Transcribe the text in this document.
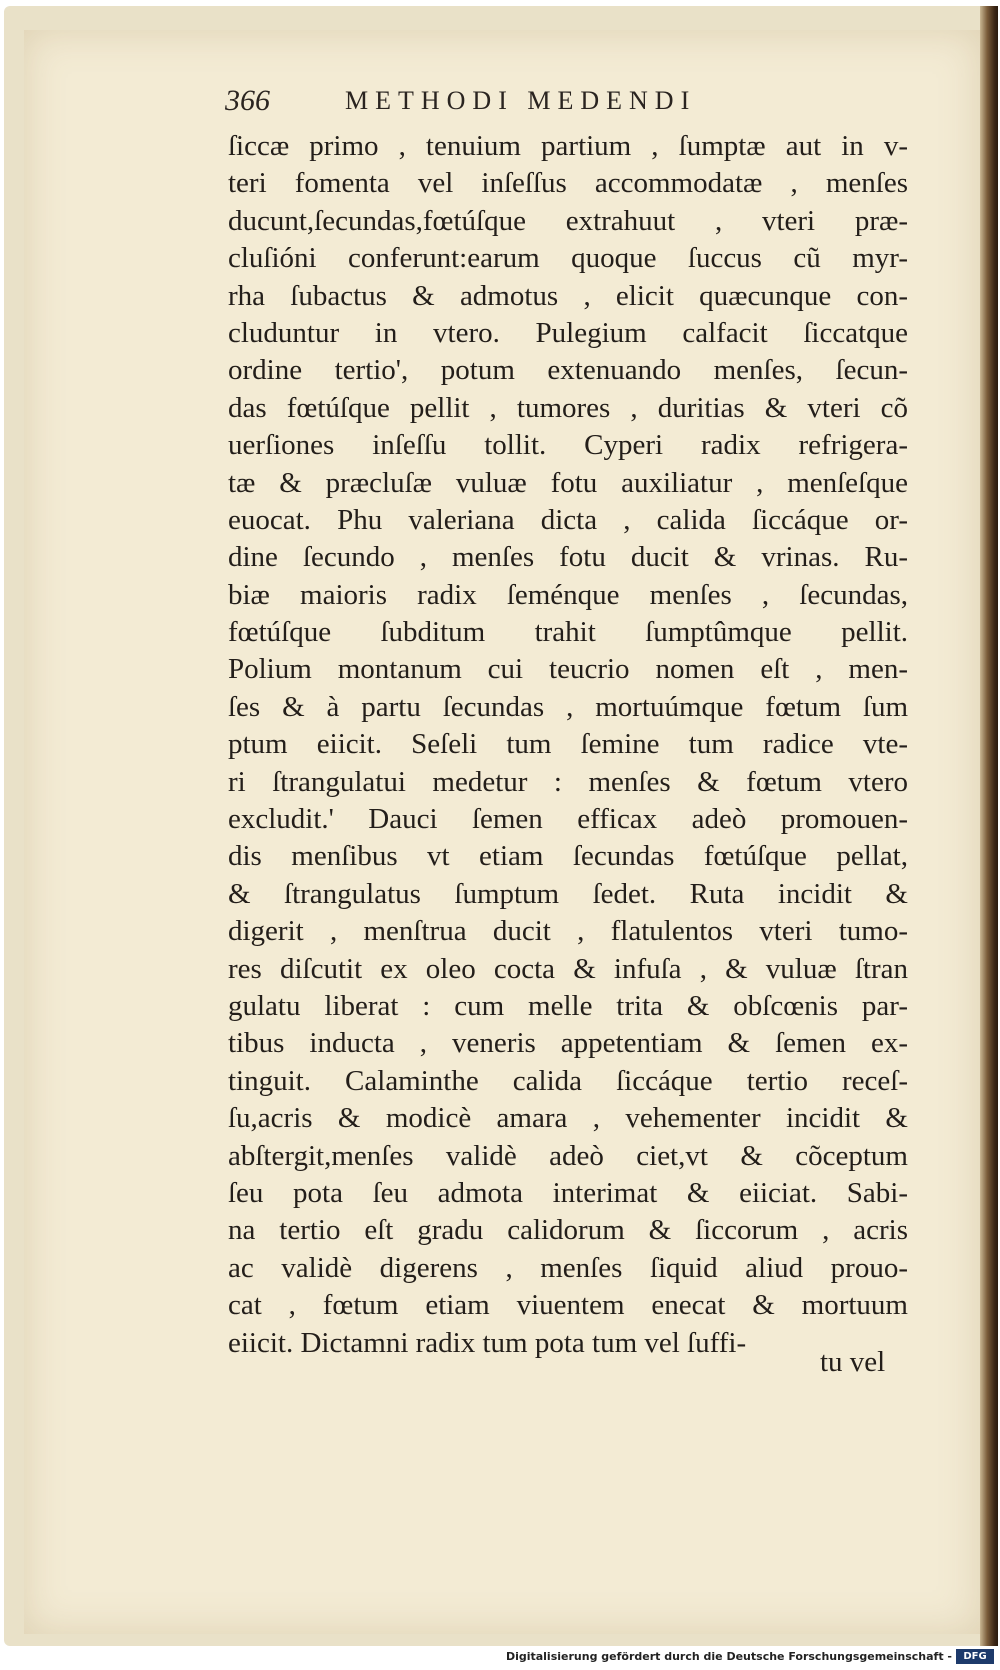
366	METHODI MEDENDI
ſiccæ primo , tenuium partium , ſumptæ aut in v-
teri fomenta vel inſeſſus accommodatæ , menſes
ducunt,ſecundas,fœtúſque extrahuut , vteri præ-
cluſióni conferunt:earum quoque ſuccus cũ myr-
rha ſubactus & admotus , elicit quæcunque con-
cluduntur in vtero. Pulegium calfacit ſiccatque
ordine tertio', potum extenuando menſes, ſecun-
das fœtúſque pellit , tumores , duritias & vteri cõ
uerſiones inſeſſu tollit. Cyperi radix refrigera-
tæ & præcluſæ vuluæ fotu auxiliatur , menſeſque
euocat. Phu valeriana dicta , calida ſiccáque or-
dine ſecundo , menſes fotu ducit & vrinas. Ru-
biæ maioris radix ſeménque menſes , ſecundas,
fœtúſque ſubditum trahit ſumptûmque pellit.
Polium montanum cui teucrio nomen eſt , men-
ſes & à partu ſecundas , mortuúmque fœtum ſum
ptum eiicit. Seſeli tum ſemine tum radice vte-
ri ſtrangulatui medetur : menſes & fœtum vtero
excludit.' Dauci ſemen efficax adeò promouen-
dis menſibus vt etiam ſecundas fœtúſque pellat,
& ſtrangulatus ſumptum ſedet. Ruta incidit &
digerit , menſtrua ducit , flatulentos vteri tumo-
res diſcutit ex oleo cocta & infuſa , & vuluæ ſtran
gulatu liberat : cum melle trita & obſcœnis par-
tibus inducta , veneris appetentiam & ſemen ex-
tinguit. Calaminthe calida ſiccáque tertio receſ-
ſu,acris & modicè amara , vehementer incidit &
abſtergit,menſes validè adeò ciet,vt & cõceptum
ſeu pota ſeu admota interimat & eiiciat. Sabi-
na tertio eſt gradu calidorum & ſiccorum , acris
ac validè digerens , menſes ſiquid aliud prouo-
cat , fœtum etiam viuentem enecat & mortuum
eiicit. Dictamni radix tum pota tum vel ſuffi-
tu vel
Digitalisierung gefördert durch die Deutsche Forschungsgemeinschaft -	DFG
